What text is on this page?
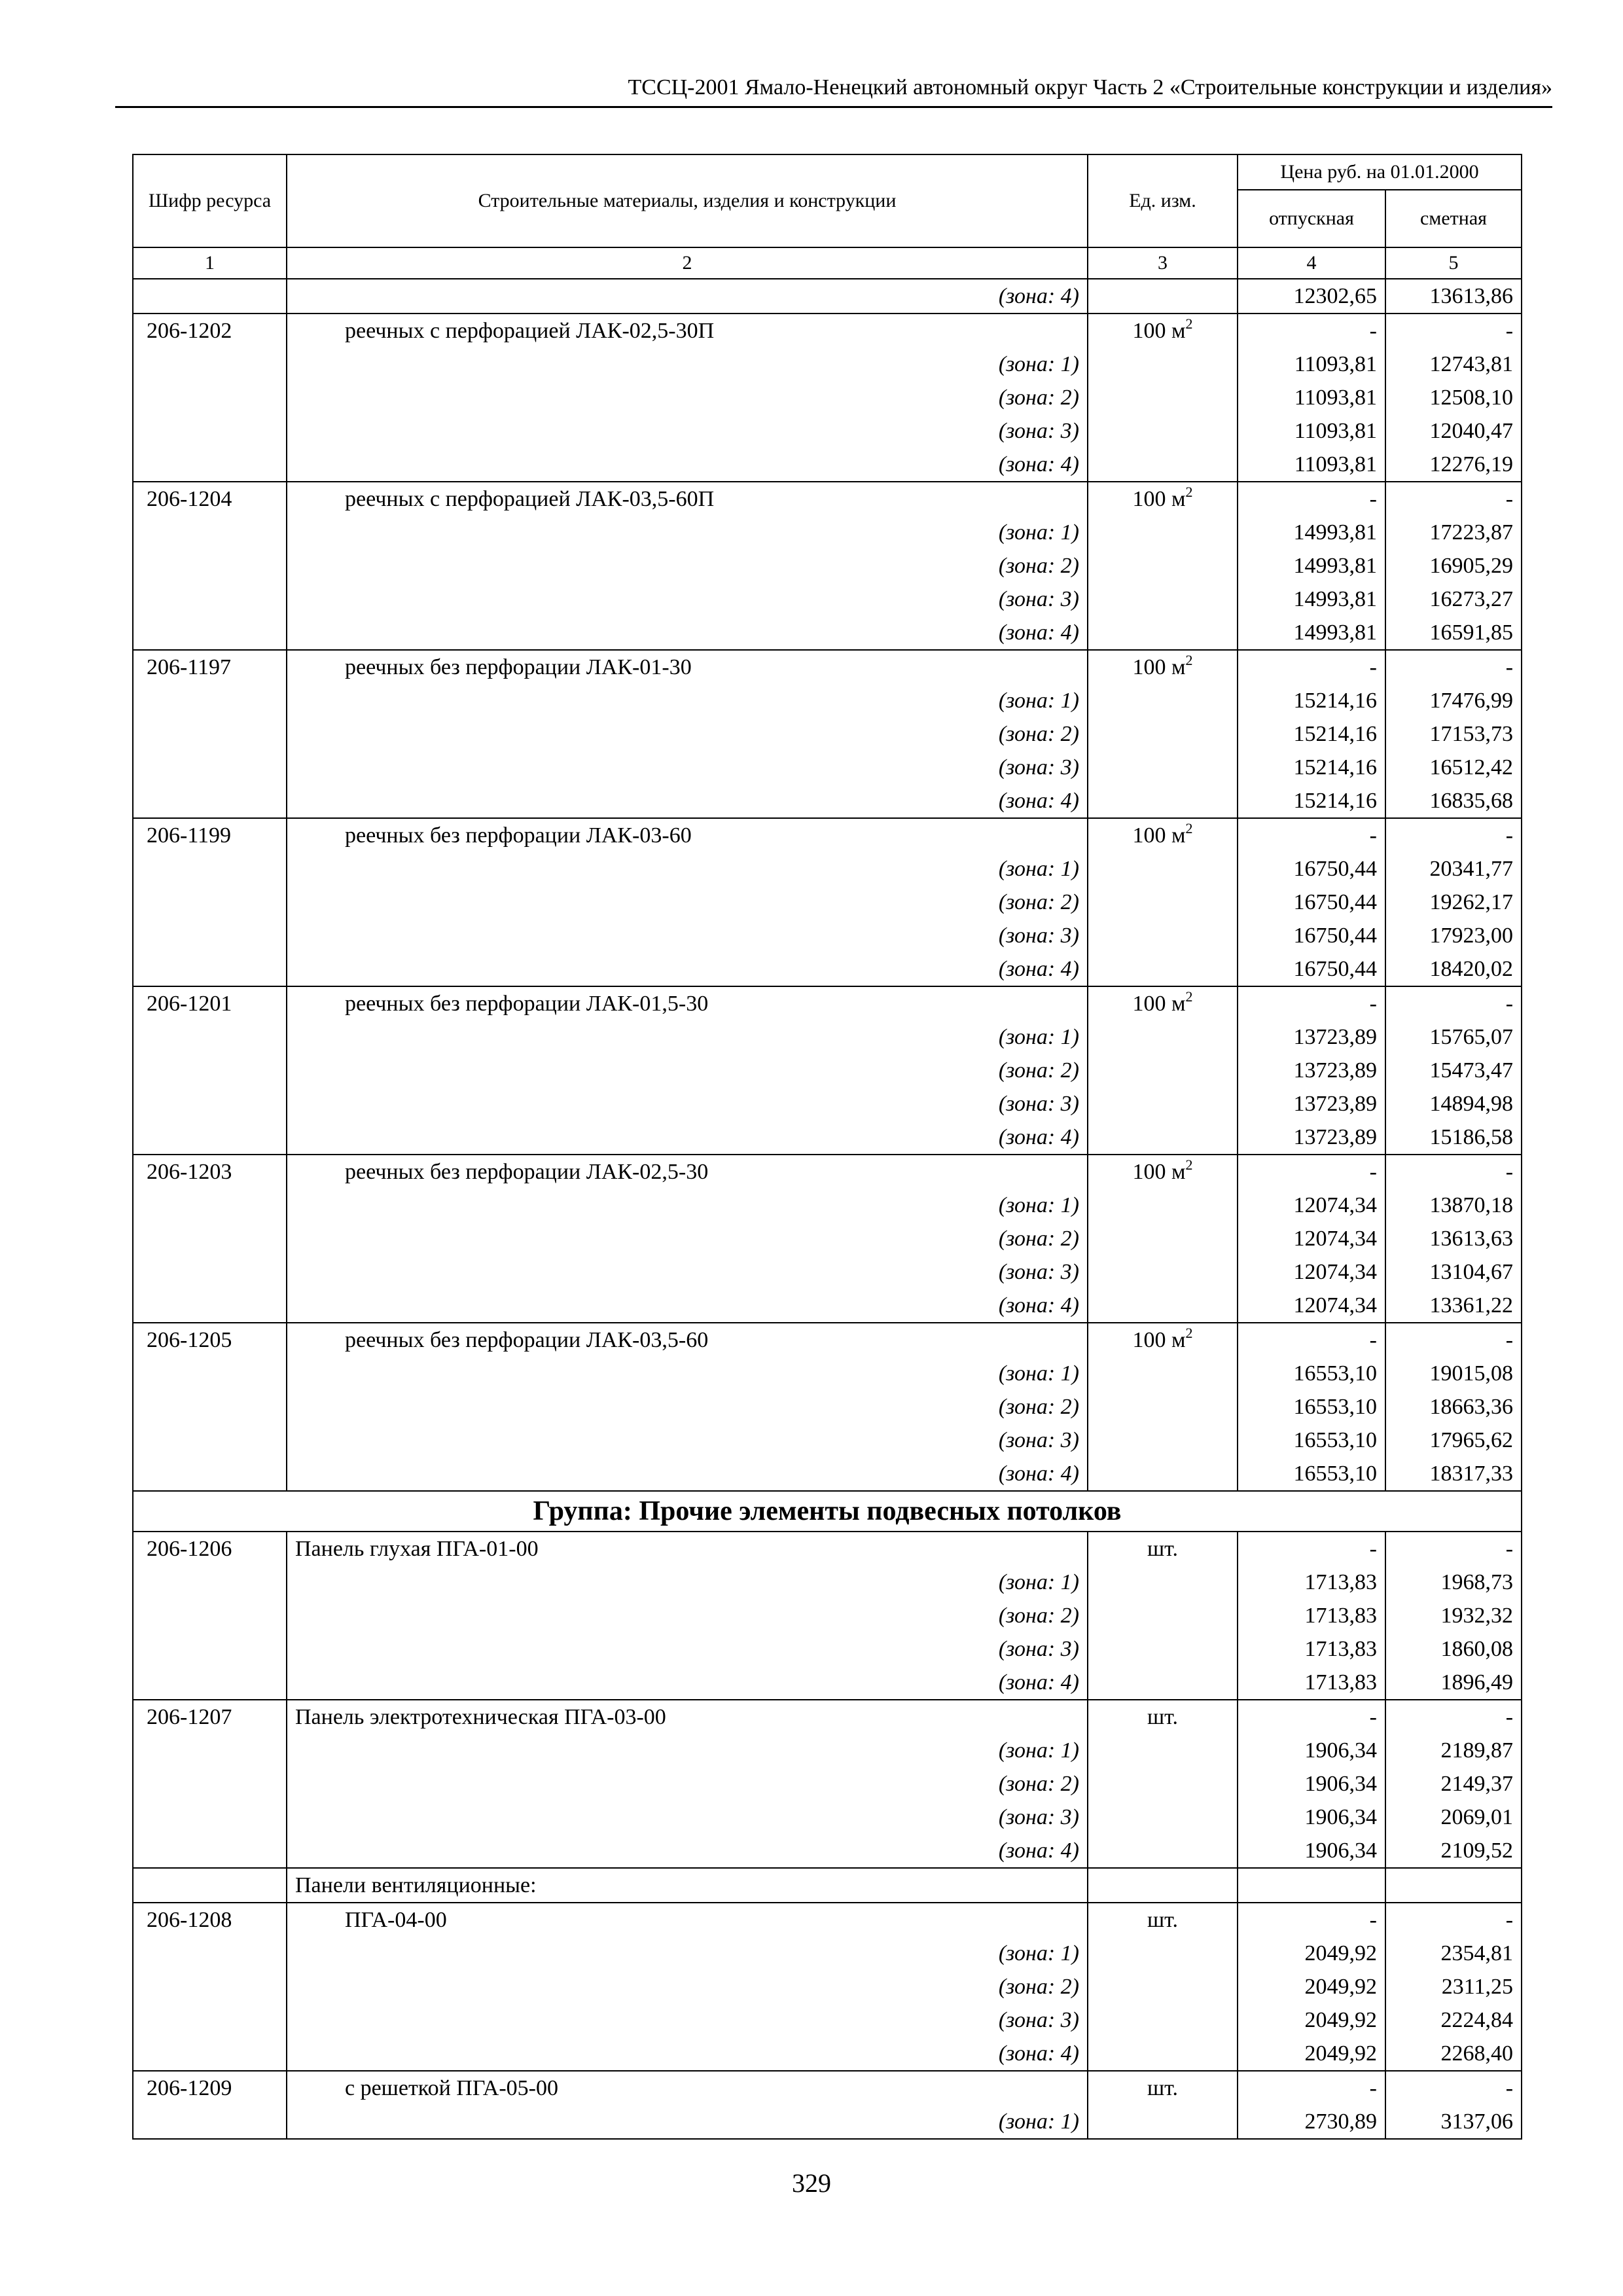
ТССЦ-2001 Ямало-Ненецкий автономный округ Часть 2 «Строительные конструкции и изделия»
Шифр ресурса	Строительные материалы, изделия и конструкции	Ед. изм.	Цена руб. на 01.01.2000	
			отпускная	сметная
1	2	3	4	5
	(зона: 4)		12302,65	13613,86
206-1202	реечных с перфорацией ЛАК-02,5-30П	100 $м^2$	-	-
	(зона: 1)		11093,81	12743,81
	(зона: 2)		11093,81	12508,10
	(зона: 3)		11093,81	12040,47
	(зона: 4)		11093,81	12276,19
206-1204	реечных с перфорацией ЛАК-03,5-60П	100 $м^2$	-	-
	(зона: 1)		14993,81	17223,87
	(зона: 2)		14993,81	16905,29
	(зона: 3)		14993,81	16273,27
	(зона: 4)		14993,81	16591,85
206-1197	реечных без перфорации ЛАК-01-30	100 $м^2$	-	-
	(зона: 1)		15214,16	17476,99
	(зона: 2)		15214,16	17153,73
	(зона: 3)		15214,16	16512,42
	(зона: 4)		15214,16	16835,68
206-1199	реечных без перфорации ЛАК-03-60	100 $м^2$	-	-
	(зона: 1)		16750,44	20341,77
	(зона: 2)		16750,44	19262,17
	(зона: 3)		16750,44	17923,00
	(зона: 4)		16750,44	18420,02
206-1201	реечных без перфорации ЛАК-01,5-30	100 $м^2$	-	-
	(зона: 1)		13723,89	15765,07
	(зона: 2)		13723,89	15473,47
	(зона: 3)		13723,89	14894,98
	(зона: 4)		13723,89	15186,58
206-1203	реечных без перфорации ЛАК-02,5-30	100 $м^2$	-	-
	(зона: 1)		12074,34	13870,18
	(зона: 2)		12074,34	13613,63
	(зона: 3)		12074,34	13104,67
	(зона: 4)		12074,34	13361,22
206-1205	реечных без перфорации ЛАК-03,5-60	100 $м^2$	-	-
	(зона: 1)		16553,10	19015,08
	(зона: 2)		16553,10	18663,36
	(зона: 3)		16553,10	17965,62
	(зона: 4)		16553,10	18317,33
Группа: Прочие элементы подвесных потолков				
206-1206	Панель глухая ПГА-01-00	шт.	-	-
	(зона: 1)		1713,83	1968,73
	(зона: 2)		1713,83	1932,32
	(зона: 3)		1713,83	1860,08
	(зона: 4)		1713,83	1896,49
206-1207	Панель электротехническая ПГА-03-00	шт.	-	-
	(зона: 1)		1906,34	2189,87
	(зона: 2)		1906,34	2149,37
	(зона: 3)		1906,34	2069,01
	(зона: 4)		1906,34	2109,52
	Панели вентиляционные:			
206-1208	ПГА-04-00	шт.	-	-
	(зона: 1)		2049,92	2354,81
	(зона: 2)		2049,92	2311,25
	(зона: 3)		2049,92	2224,84
	(зона: 4)		2049,92	2268,40
206-1209	с решеткой ПГА-05-00	шт.	-	-
	(зона: 1)		2730,89	3137,06
329
